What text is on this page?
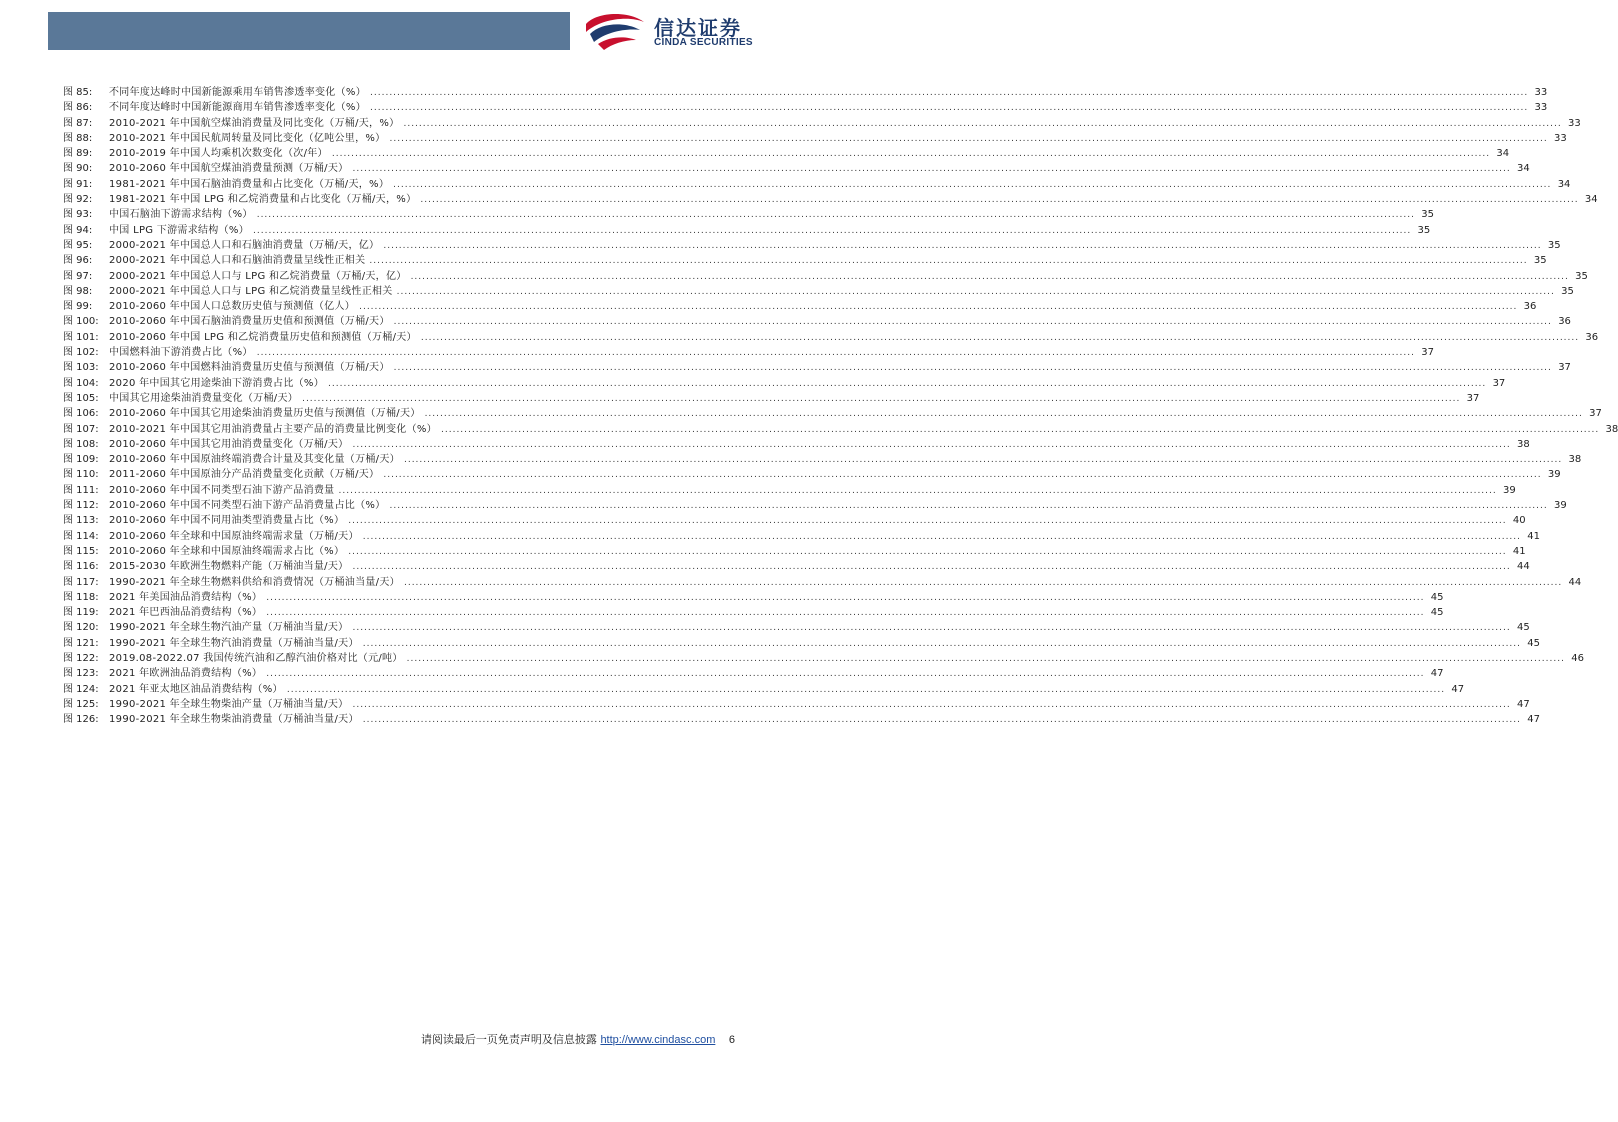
信达证券
CINDA SECURITIES
图 85:	不同年度达峰时中国新能源乘用车销售渗透率变化（%） ............................................................................................................................................................................................................................................................................................................ 33
图 86:	不同年度达峰时中国新能源商用车销售渗透率变化（%） ............................................................................................................................................................................................................................................................................................................ 33
图 87:	2010-2021 年中国航空煤油消费量及同比变化（万桶/天，%） ............................................................................................................................................................................................................................................................................................................ 33
图 88:	2010-2021 年中国民航周转量及同比变化（亿吨公里，%） ............................................................................................................................................................................................................................................................................................................ 33
图 89:	2010-2019 年中国人均乘机次数变化（次/年） ............................................................................................................................................................................................................................................................................................................ 34
图 90:	2010-2060 年中国航空煤油消费量预测（万桶/天） ............................................................................................................................................................................................................................................................................................................ 34
图 91:	1981-2021 年中国石脑油消费量和占比变化（万桶/天，%） ............................................................................................................................................................................................................................................................................................................ 34
图 92:	1981-2021 年中国 LPG 和乙烷消费量和占比变化（万桶/天，%） ............................................................................................................................................................................................................................................................................................................ 34
图 93:	中国石脑油下游需求结构（%） ............................................................................................................................................................................................................................................................................................................ 35
图 94:	中国 LPG 下游需求结构（%） ............................................................................................................................................................................................................................................................................................................ 35
图 95:	2000-2021 年中国总人口和石脑油消费量（万桶/天，亿） ............................................................................................................................................................................................................................................................................................................ 35
图 96:	2000-2021 年中国总人口和石脑油消费量呈线性正相关 ............................................................................................................................................................................................................................................................................................................ 35
图 97:	2000-2021 年中国总人口与 LPG 和乙烷消费量（万桶/天，亿） ............................................................................................................................................................................................................................................................................................................ 35
图 98:	2000-2021 年中国总人口与 LPG 和乙烷消费量呈线性正相关 ............................................................................................................................................................................................................................................................................................................ 35
图 99:	2010-2060 年中国人口总数历史值与预测值（亿人） ............................................................................................................................................................................................................................................................................................................ 36
图 100:	2010-2060 年中国石脑油消费量历史值和预测值（万桶/天） ............................................................................................................................................................................................................................................................................................................ 36
图 101:	2010-2060 年中国 LPG 和乙烷消费量历史值和预测值（万桶/天） ............................................................................................................................................................................................................................................................................................................ 36
图 102:	中国燃料油下游消费占比（%） ............................................................................................................................................................................................................................................................................................................ 37
图 103:	2010-2060 年中国燃料油消费量历史值与预测值（万桶/天） ............................................................................................................................................................................................................................................................................................................ 37
图 104:	2020 年中国其它用途柴油下游消费占比（%） ............................................................................................................................................................................................................................................................................................................ 37
图 105:	中国其它用途柴油消费量变化（万桶/天） ............................................................................................................................................................................................................................................................................................................ 37
图 106:	2010-2060 年中国其它用途柴油消费量历史值与预测值（万桶/天） ............................................................................................................................................................................................................................................................................................................ 37
图 107:	2010-2021 年中国其它用油消费量占主要产品的消费量比例变化（%） ............................................................................................................................................................................................................................................................................................................ 38
图 108:	2010-2060 年中国其它用油消费量变化（万桶/天） ............................................................................................................................................................................................................................................................................................................ 38
图 109:	2010-2060 年中国原油终端消费合计量及其变化量（万桶/天） ............................................................................................................................................................................................................................................................................................................ 38
图 110:	2011-2060 年中国原油分产品消费量变化贡献（万桶/天） ............................................................................................................................................................................................................................................................................................................ 39
图 111:	2010-2060 年中国不同类型石油下游产品消费量 ............................................................................................................................................................................................................................................................................................................ 39
图 112:	2010-2060 年中国不同类型石油下游产品消费量占比（%） ............................................................................................................................................................................................................................................................................................................ 39
图 113:	2010-2060 年中国不同用油类型消费量占比（%） ............................................................................................................................................................................................................................................................................................................ 40
图 114:	2010-2060 年全球和中国原油终端需求量（万桶/天） ............................................................................................................................................................................................................................................................................................................ 41
图 115:	2010-2060 年全球和中国原油终端需求占比（%） ............................................................................................................................................................................................................................................................................................................ 41
图 116:	2015-2030 年欧洲生物燃料产能（万桶油当量/天） ............................................................................................................................................................................................................................................................................................................ 44
图 117:	1990-2021 年全球生物燃料供给和消费情况（万桶油当量/天） ............................................................................................................................................................................................................................................................................................................ 44
图 118:	2021 年美国油品消费结构（%） ............................................................................................................................................................................................................................................................................................................ 45
图 119:	2021 年巴西油品消费结构（%） ............................................................................................................................................................................................................................................................................................................ 45
图 120:	1990-2021 年全球生物汽油产量（万桶油当量/天） ............................................................................................................................................................................................................................................................................................................ 45
图 121:	1990-2021 年全球生物汽油消费量（万桶油当量/天） ............................................................................................................................................................................................................................................................................................................ 45
图 122:	2019.08-2022.07 我国传统汽油和乙醇汽油价格对比（元/吨） ............................................................................................................................................................................................................................................................................................................ 46
图 123:	2021 年欧洲油品消费结构（%） ............................................................................................................................................................................................................................................................................................................ 47
图 124:	2021 年亚太地区油品消费结构（%） ............................................................................................................................................................................................................................................................................................................ 47
图 125:	1990-2021 年全球生物柴油产量（万桶油当量/天） ............................................................................................................................................................................................................................................................................................................ 47
图 126:	1990-2021 年全球生物柴油消费量（万桶油当量/天） ............................................................................................................................................................................................................................................................................................................ 47
请阅读最后一页免责声明及信息披露 http://www.cindasc.com 6
